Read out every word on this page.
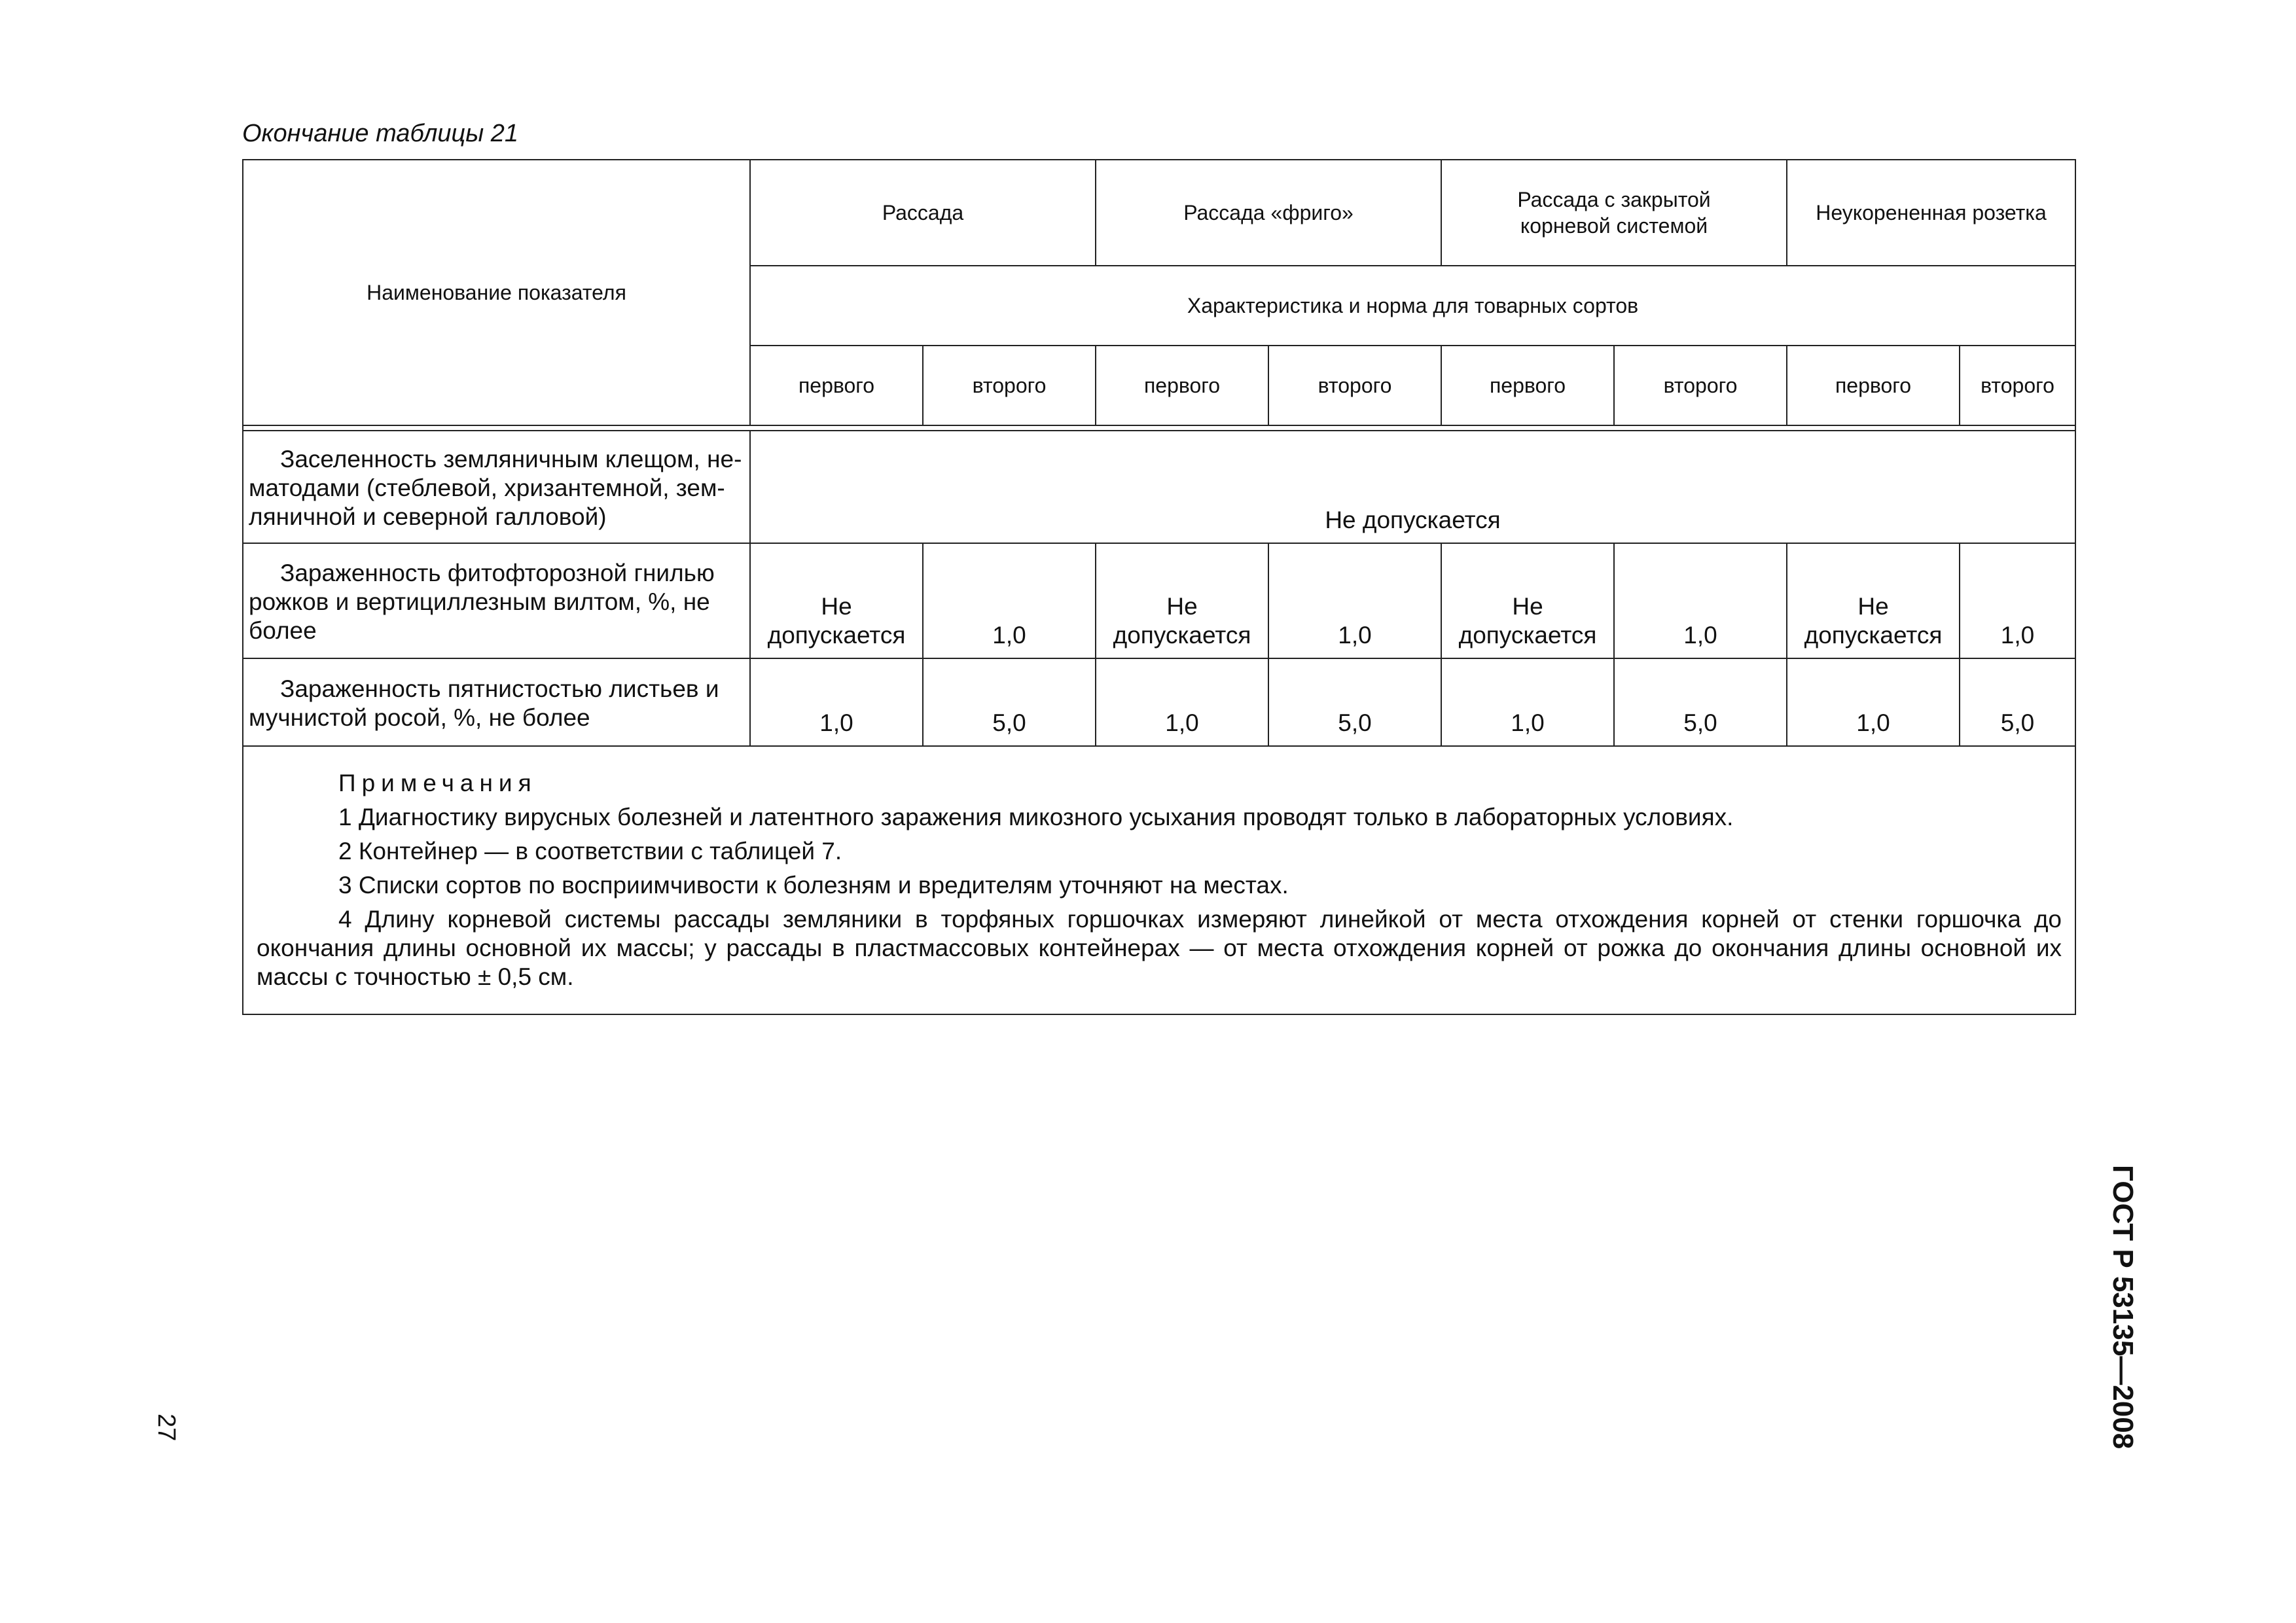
Окончание таблицы 21
Наименование показателя	Рассада		Рассада «фриго»		Рассада с закрытой корневой системой		Неукорененная розетка	
	Характеристика и норма для товарных сортов							
	первого	второго	первого	второго	первого	второго	первого	второго

Заселенность земляничным клещом, не-
матодами (стеблевой, хризантемной, зем-
ляничной и северной галловой)	Не допускается							

Зараженность фитофторозной гнилью
рожков и вертициллезным вилтом, %, не
более	Не допускается	1,0	Не допускается	1,0	Не допускается	1,0	Не допускается	1,0

Зараженность пятнистостью листьев и
мучнистой росой, %, не более	1,0	5,0	1,0	5,0	1,0	5,0	1,0	5,0

Примечания

1 Диагностику вирусных болезней и латентного заражения микозного усыхания проводят только в лабораторных условиях.

2 Контейнер — в соответствии с таблицей 7.

3 Списки сортов по восприимчивости к болезням и вредителям уточняют на местах.

4 Длину корневой системы рассады земляники в торфяных горшочках измеряют линейкой от места отхождения корней от стенки горшочка до окончания длины основной их массы; у рассады в пластмассовых контейнерах — от места отхождения корней от рожка до окончания длины основной их массы с точностью ± 0,5 см.								

27	ГОСТ Р 53135—2008
